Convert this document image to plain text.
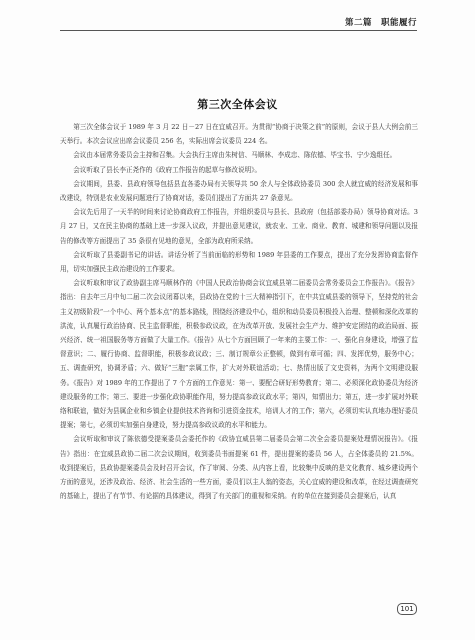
第二篇　职能履行
第三次全体会议

第三次全体会议于 1989 年 3 月 22 日－27 日在宜威召开。为贯彻“协商于决策之前”的原则，会议于县人大例会前三天举行。本次会议应出席会议委员 256 名，实际出席会议委员 224 名。

会议由本届常务委员会主持和召集。大会执行主席由朱树信、马顺林、李成忠、陈依德、毕宝书、宁少逸组任。

会议听取了县长李正尧作的《政府工作报告的起草与修改说明》。

会议期间，县委、县政府领导包括县直各委办局有关领导共 50 余人与全体政协委员 300 余人就宜威的经济发展和事改建设，特别是农业发展问题进行了协商对话，委员们提出了方面共 27 条意见。

会议先后用了一天半的时间来讨论协商政府工作报告，并组织委员与县长、县政府（包括部委办局）领导协商对话。3 月 27 日，又在民主协商的基础上进一步深入议政，并提出意见建议，就农业、工业、商业、教育、城建和领导问题以及报告的修改等方面提出了 35 条很有见地的意见，全部为政府所采纳。

会议听取了县委副书记的讲话。讲话分析了当前面临的形势和 1989 年县委的工作要点，提出了充分发挥协商监督作用，切实加强民主政治建设的工作要求。

会议听取和审议了政协副主席马顺林作的《中国人民政治协商会议宜威县第二届委员会常务委员会工作报告》。《报告》指出：自去年三月中旬二届二次会议闭幕以来，县政协在党的十三大精神指引下，在中共宜威县委的领导下，坚持党的社会主义初级阶段“一个中心、两个基本点”的基本路线，围绕经济建设中心，组织和动员委员积极投入治理、整顿和深化改革的洪流，认真履行政治协商、民主监督职能，积极参政议政，在为改革开放、发展社会生产力、维护安定团结的政治局面、振兴经济、统一祖国服务等方面做了大量工作。《报告》从七个方面回顾了一年来的主要工作：一、强化自身建设，增强了监督意识；二、履行协商、监督职能，积极参政议政；三、制订规章公正整顿，做到有章可循；四、发挥优势，服务中心；五、调查研究，协调矛盾；六、做好“三胞”亲属工作，扩大对外联谊活动；七、热情出版了文史资料，为两个文明建设服务。《报告》对 1989 年的工作提出了 7 个方面的工作意见：第一、要配合研好形势教育；第二、必须深化政协委员为经济建设服务的工作；第三、要进一步强化政协职能作用，努力提高参政议政水平；第四，知情出力；第五，进一步扩展对外联络和联谊，做好为县属企业和乡镇企业提供技术咨询和引进资金技术，培训人才的工作；第六，必须切实认真地办理好委员提案；第七，必须切实加强自身建设，努力提高参政议政的水平和能力。

会议听取和审议了陈依德受提案委员会委托作的《政协宜威县第二届委员会第二次全会委员提案处理情况报告》。《报告》指出：在宜威县政协二届二次会议期间，收到委员书面提案 61 件，提出提案的委员 56 人，占全体委员的 21.5%。收到提案后，县政协提案委员会及时召开会议，作了审阅、分类、从内容上看，比较集中反映的是文化教育、城乡建设两个方面的意见，还涉及政治、经济、社会生活的一些方面，委员们以主人翁的姿态，关心宜威的建设和改革，在经过调查研究的基础上，提出了有节节、有论据的具体建议，得到了有关部门的重视和采纳。有的单位在接到委员会提案后，认真

101
